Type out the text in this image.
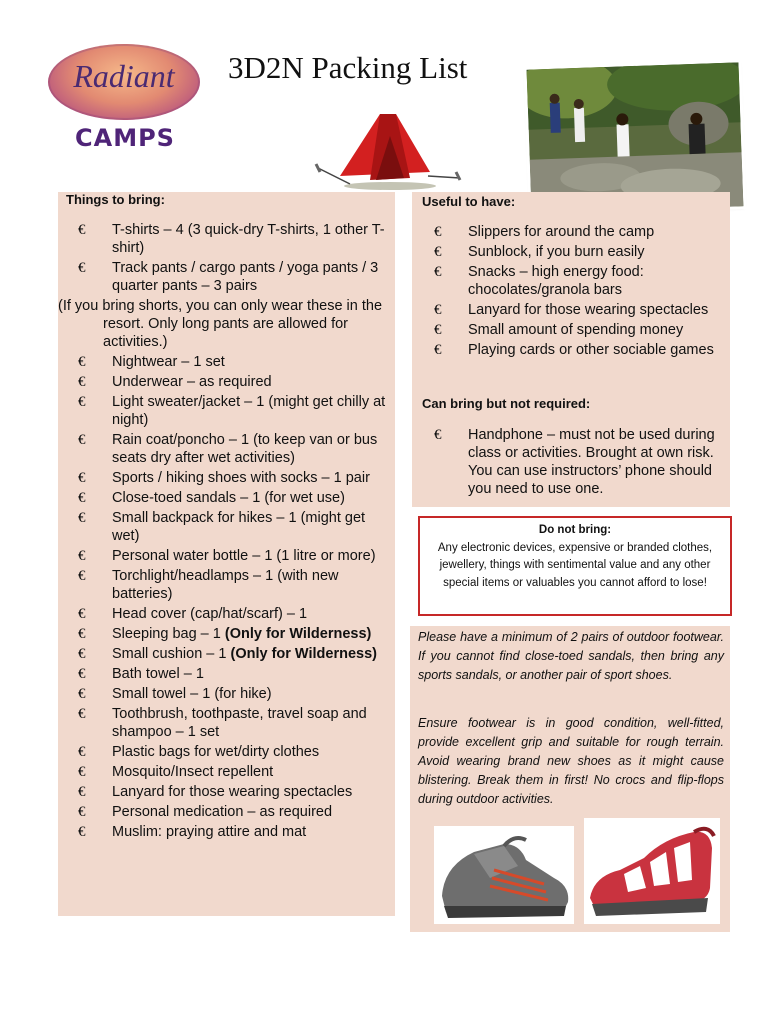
Radiant
CAMPS
3D2N Packing List
Things to bring:
€ T-shirts – 4 (3 quick-dry T-shirts, 1 other T-shirt)
€ Track pants / cargo pants / yoga pants / 3 quarter pants – 3 pairs
(If you bring shorts, you can only wear these in the resort. Only long pants are allowed for activities.)
€ Nightwear – 1 set
€ Underwear – as required
€ Light sweater/jacket – 1 (might get chilly at night)
€ Rain coat/poncho – 1 (to keep van or bus seats dry after wet activities)
€ Sports / hiking shoes with socks – 1 pair
€ Close-toed sandals – 1 (for wet use)
€ Small backpack for hikes – 1 (might get wet)
€ Personal water bottle – 1 (1 litre or more)
€ Torchlight/headlamps – 1 (with new batteries)
€ Head cover (cap/hat/scarf) – 1
€ Sleeping bag – 1 (Only for Wilderness)
€ Small cushion – 1 (Only for Wilderness)
€ Bath towel – 1
€ Small towel – 1 (for hike)
€ Toothbrush, toothpaste, travel soap and shampoo – 1 set
€ Plastic bags for wet/dirty clothes
€ Mosquito/Insect repellent
€ Lanyard for those wearing spectacles
€ Personal medication – as required
€ Muslim: praying attire and mat
Useful to have:
€ Slippers for around the camp
€ Sunblock, if you burn easily
€ Snacks – high energy food: chocolates/granola bars
€ Lanyard for those wearing spectacles
€ Small amount of spending money
€ Playing cards or other sociable games
Can bring but not required:
€ Handphone – must not be used during class or activities. Brought at own risk. You can use instructors’ phone should you need to use one.
Do not bring:
Any electronic devices, expensive or branded clothes, jewellery, things with sentimental value and any other special items or valuables you cannot afford to lose!
Please have a minimum of 2 pairs of outdoor footwear. If you cannot find close-toed sandals, then bring any sports sandals, or another pair of sport shoes.
Ensure footwear is in good condition, well-fitted, provide excellent grip and suitable for rough terrain. Avoid wearing brand new shoes as it might cause blistering. Break them in first! No crocs and flip-flops during outdoor activities.
